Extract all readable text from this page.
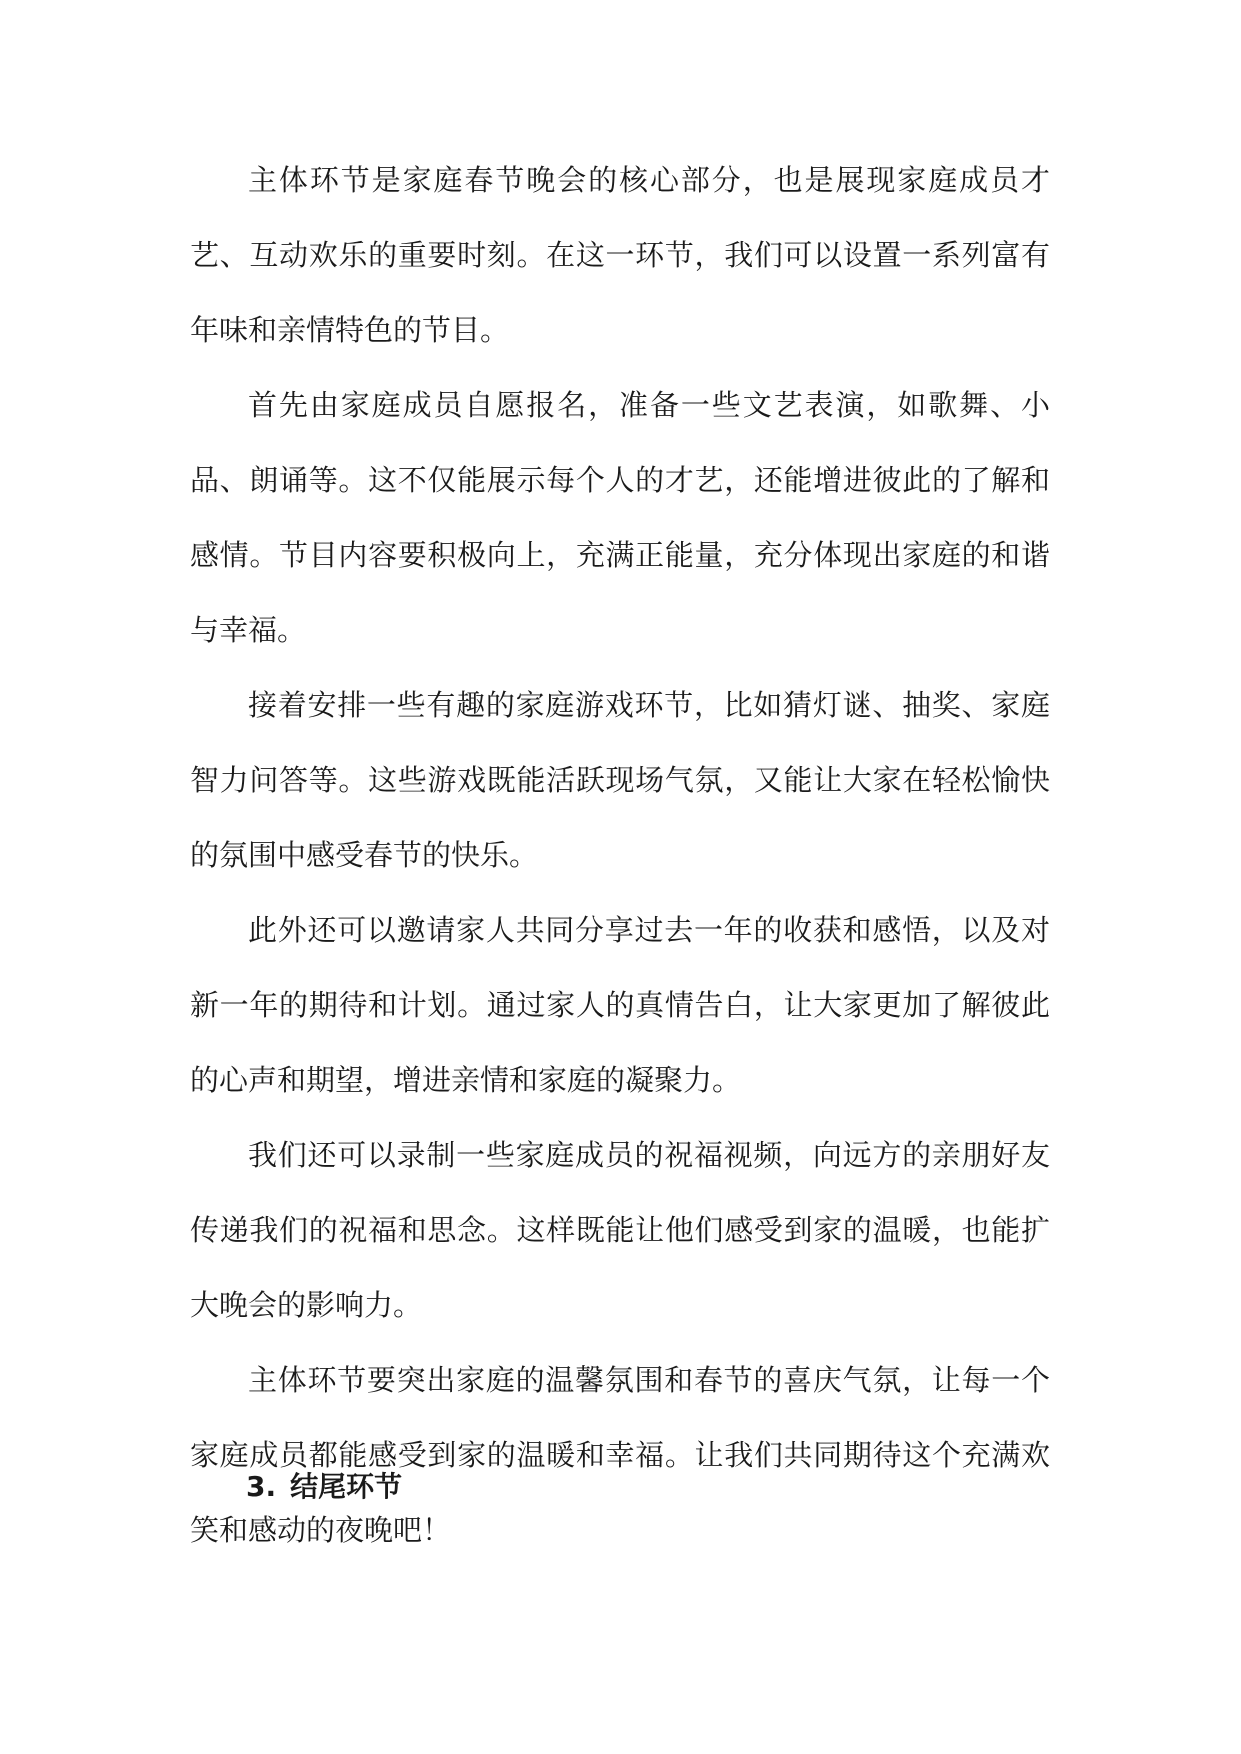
主体环节是家庭春节晚会的核心部分，也是展现家庭成员才艺、互动欢乐的重要时刻。在这一环节，我们可以设置一系列富有年味和亲情特色的节目。

首先由家庭成员自愿报名，准备一些文艺表演，如歌舞、小品、朗诵等。这不仅能展示每个人的才艺，还能增进彼此的了解和感情。节目内容要积极向上，充满正能量，充分体现出家庭的和谐与幸福。

接着安排一些有趣的家庭游戏环节，比如猜灯谜、抽奖、家庭智力问答等。这些游戏既能活跃现场气氛，又能让大家在轻松愉快的氛围中感受春节的快乐。

此外还可以邀请家人共同分享过去一年的收获和感悟，以及对新一年的期待和计划。通过家人的真情告白，让大家更加了解彼此的心声和期望，增进亲情和家庭的凝聚力。

我们还可以录制一些家庭成员的祝福视频，向远方的亲朋好友传递我们的祝福和思念。这样既能让他们感受到家的温暖，也能扩大晚会的影响力。

主体环节要突出家庭的温馨氛围和春节的喜庆气氛，让每一个家庭成员都能感受到家的温暖和幸福。让我们共同期待这个充满欢笑和感动的夜晚吧！

3. 结尾环节
